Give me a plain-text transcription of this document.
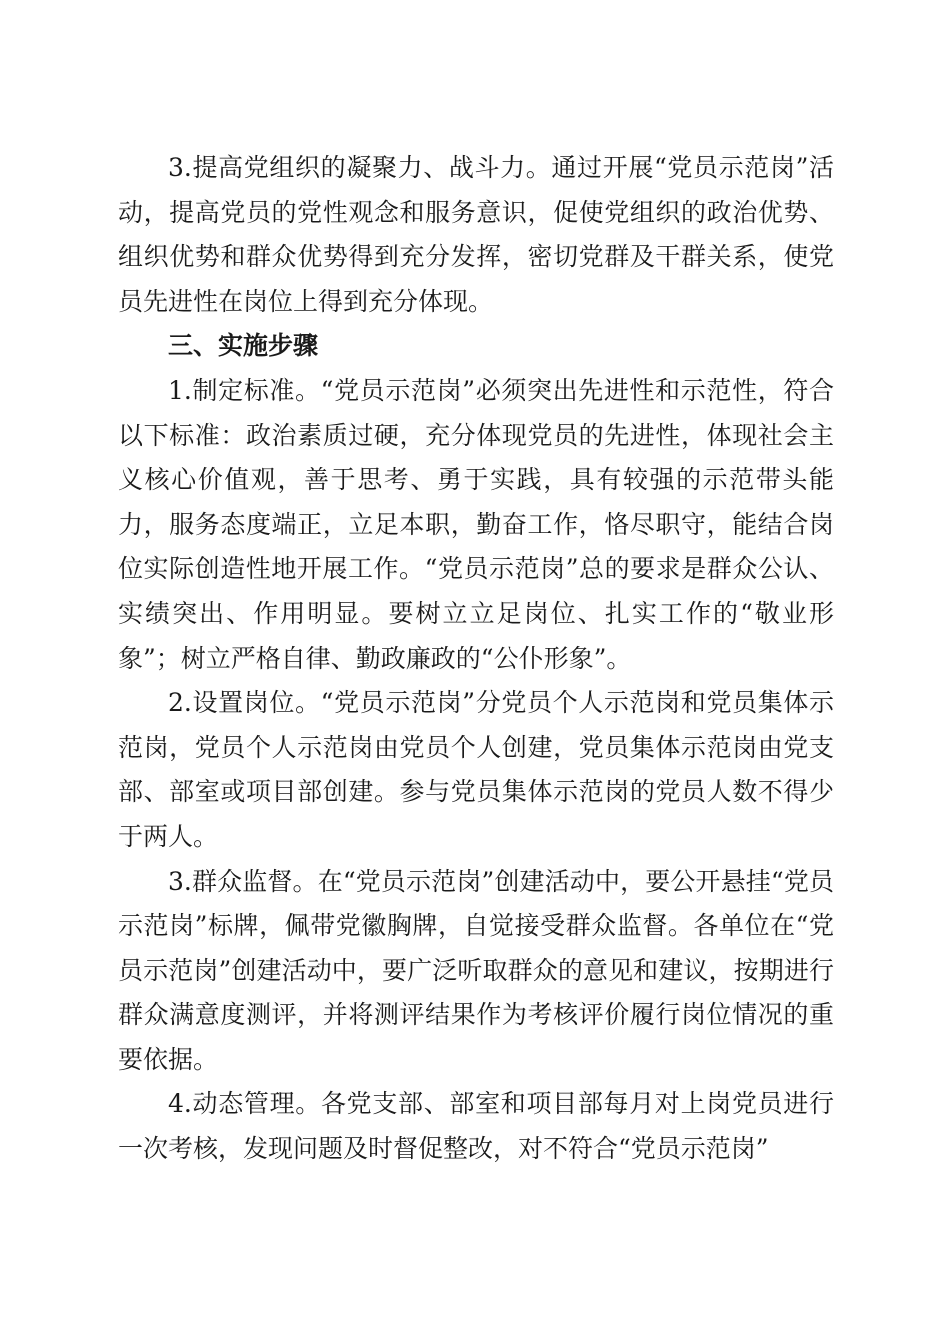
3.提高党组织的凝聚力、战斗力。通过开展“党员示范岗”活动，提高党员的党性观念和服务意识，促使党组织的政治优势、组织优势和群众优势得到充分发挥，密切党群及干群关系，使党员先进性在岗位上得到充分体现。

三、实施步骤

1.制定标准。“党员示范岗”必须突出先进性和示范性，符合以下标准：政治素质过硬，充分体现党员的先进性，体现社会主义核心价值观，善于思考、勇于实践，具有较强的示范带头能力，服务态度端正，立足本职，勤奋工作，恪尽职守，能结合岗位实际创造性地开展工作。“党员示范岗”总的要求是群众公认、实绩突出、作用明显。要树立立足岗位、扎实工作的“敬业形象”；树立严格自律、勤政廉政的“公仆形象”。

2.设置岗位。“党员示范岗”分党员个人示范岗和党员集体示范岗，党员个人示范岗由党员个人创建，党员集体示范岗由党支部、部室或项目部创建。参与党员集体示范岗的党员人数不得少于两人。

3.群众监督。在“党员示范岗”创建活动中，要公开悬挂“党员示范岗”标牌，佩带党徽胸牌，自觉接受群众监督。各单位在“党员示范岗”创建活动中，要广泛听取群众的意见和建议，按期进行群众满意度测评，并将测评结果作为考核评价履行岗位情况的重要依据。

4.动态管理。各党支部、部室和项目部每月对上岗党员进行一次考核，发现问题及时督促整改，对不符合“党员示范岗”
